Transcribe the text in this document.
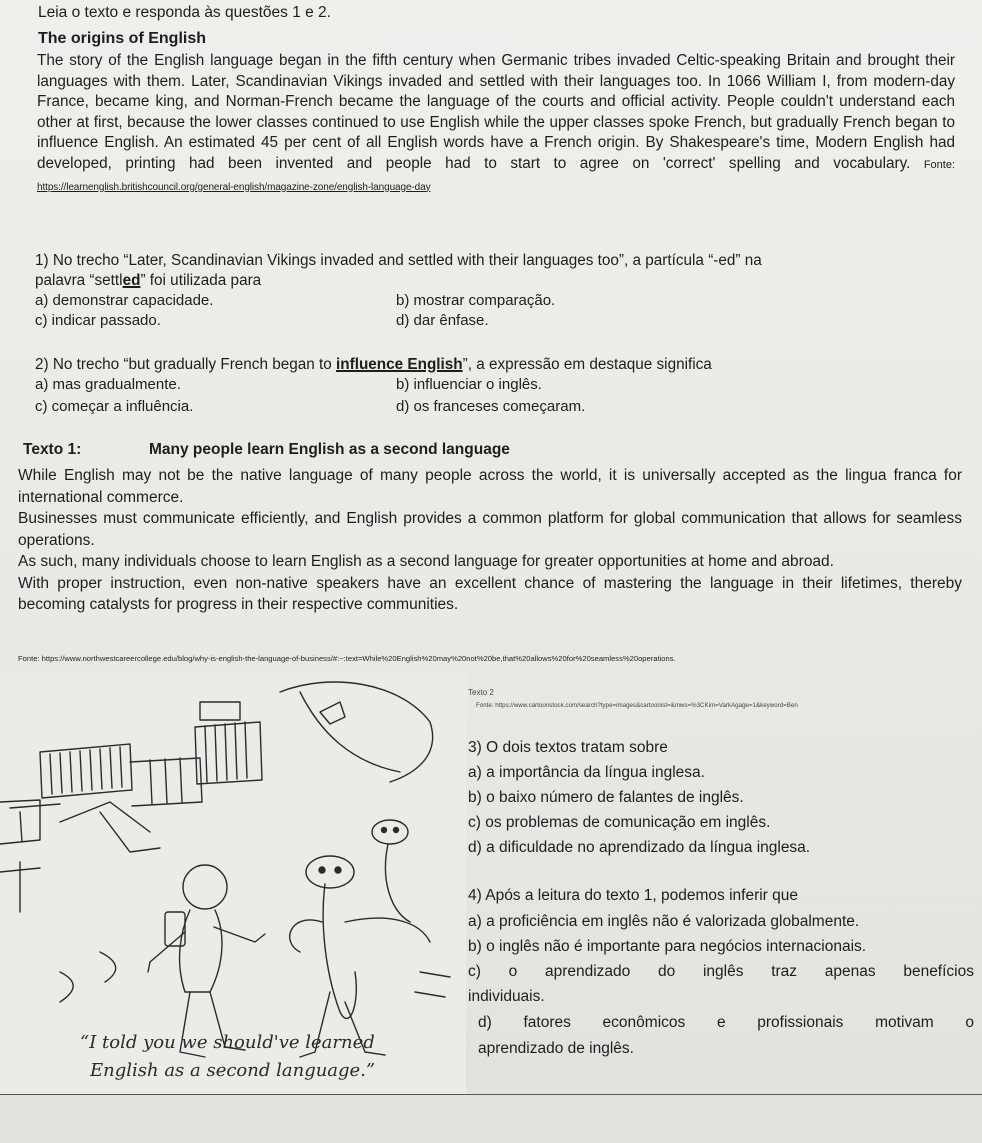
Leia o texto e responda às questões 1 e 2.
The origins of English
The story of the English language began in the fifth century when Germanic tribes invaded Celtic-speaking Britain and brought their languages with them. Later, Scandinavian Vikings invaded and settled with their languages too. In 1066 William I, from modern-day France, became king, and Norman-French became the language of the courts and official activity. People couldn't understand each other at first, because the lower classes continued to use English while the upper classes spoke French, but gradually French began to influence English. An estimated 45 per cent of all English words have a French origin. By Shakespeare's time, Modern English had developed, printing had been invented and people had to start to agree on 'correct' spelling and vocabulary. Fonte: https://learnenglish.britishcouncil.org/general-english/magazine-zone/english-language-day
1) No trecho “Later, Scandinavian Vikings invaded and settled with their languages too”, a partícula “-ed” na
palavra “settled” foi utilizada para
a) demonstrar capacidade.	b) mostrar comparação.
c) indicar passado.	d) dar ênfase.
2) No trecho “but gradually French began to influence English”, a expressão em destaque significa
a) mas gradualmente.	b) influenciar o inglês.
c) começar a influência.	d) os franceses começaram.
Texto 1:	Many people learn English as a second language
While English may not be the native language of many people across the world, it is universally accepted as the lingua franca for international commerce.
Businesses must communicate efficiently, and English provides a common platform for global communication that allows for seamless operations.
As such, many individuals choose to learn English as a second language for greater opportunities at home and abroad.
With proper instruction, even non-native speakers have an excellent chance of mastering the language in their lifetimes, thereby becoming catalysts for progress in their respective communities.
Fonte: https://www.northwestcareercollege.edu/blog/why-is-english-the-language-of-business/#:~:text=While%20English%20may%20not%20be,that%20allows%20for%20seamless%20operations.
“I told you we should've learned
English as a second language.”
Texto 2
Fonte: https://www.cartoonstock.com/search?type=images&cartoonist=&mws=%3CKim=VarkAgage=1&keyword=Ben
3) O dois textos tratam sobre
a) a importância da língua inglesa.
b) o baixo número de falantes de inglês.
c) os problemas de comunicação em inglês.
d) a dificuldade no aprendizado da língua inglesa.
4) Após a leitura do texto 1, podemos inferir que
a) a proficiência em inglês não é valorizada globalmente.
b) o inglês não é importante para negócios internacionais.
c) o aprendizado do inglês traz apenas benefícios
individuais.
d) fatores econômicos e profissionais motivam o
aprendizado de inglês.
